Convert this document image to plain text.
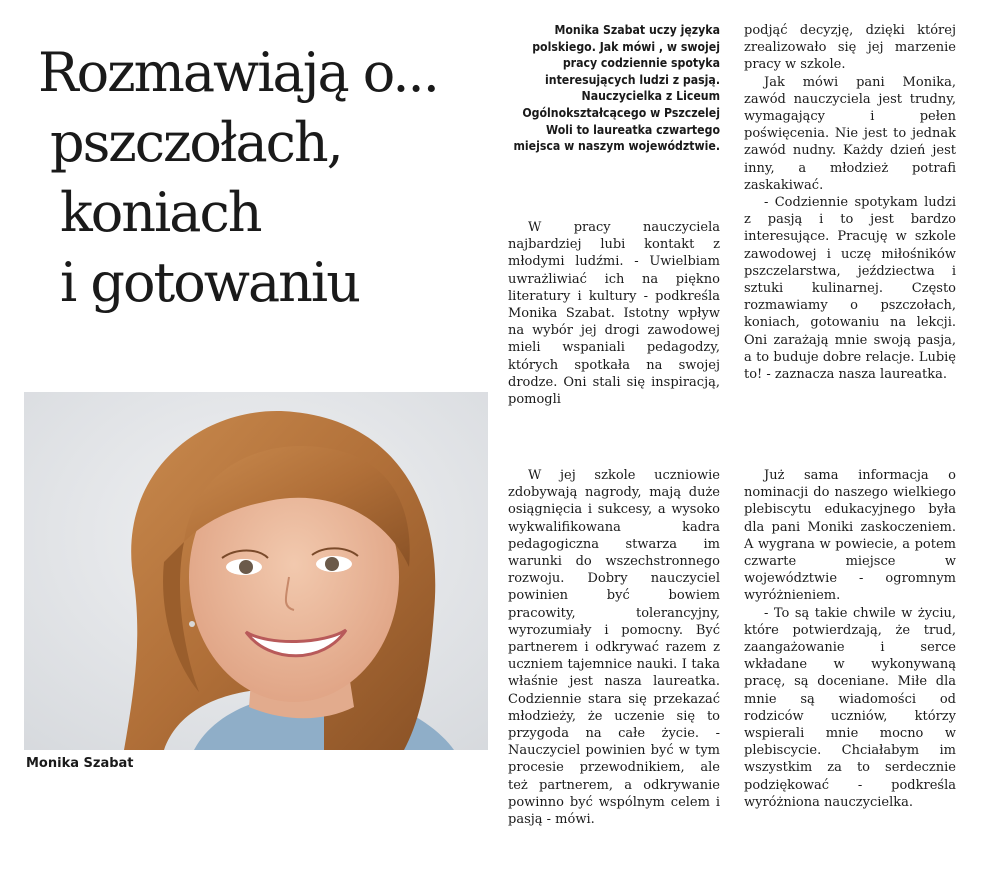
Rozmawiają o...
pszczołach,
koniach
i gotowaniu
Monika Szabat

Monika Szabat uczy języka polskiego. Jak mówi , w swojej pracy codziennie spotyka interesujących ludzi z pasją. Nauczycielka z Liceum Ogólnokształcącego w Pszczelej Woli to laureatka czwartego miejsca w naszym województwie.

W pracy nauczyciela najbardziej lubi kontakt z młodymi ludźmi. - Uwielbiam uwrażliwiać ich na piękno literatury i kultury - podkreśla Monika Szabat. Istotny wpływ na wybór jej drogi zawodowej mieli wspaniali pedagodzy, których spotkała na swojej drodze. Oni stali się inspiracją, pomogli

podjąć decyzję, dzięki której zrealizowało się jej marzenie pracy w szkole.

Jak mówi pani Monika, zawód nauczyciela jest trudny, wymagający i pełen poświęcenia. Nie jest to jednak zawód nudny. Każdy dzień jest inny, a młodzież potrafi zaskakiwać.

- Codziennie spotykam ludzi z pasją i to jest bardzo interesujące. Pracuję w szkole zawodowej i uczę miłośników pszczelarstwa, jeździectwa i sztuki kulinarnej. Często rozmawiamy o pszczołach, koniach, gotowaniu na lekcji. Oni zarażają mnie swoją pasja, a to buduje dobre relacje. Lubię to! - zaznacza nasza laureatka.

W jej szkole uczniowie zdobywają nagrody, mają duże osiągnięcia i sukcesy, a wysoko wykwalifikowana kadra pedagogiczna stwarza im warunki do wszechstronnego rozwoju. Dobry nauczyciel powinien być bowiem pracowity, tolerancyjny, wyrozumiały i pomocny. Być partnerem i odkrywać razem z uczniem tajemnice nauki. I taka właśnie jest nasza laureatka. Codziennie stara się przekazać młodzieży, że uczenie się to przygoda na całe życie. - Nauczyciel powinien być w tym procesie przewodnikiem, ale też partnerem, a odkrywanie powinno być wspólnym celem i pasją - mówi.

Już sama informacja o nominacji do naszego wielkiego plebiscytu edukacyjnego była dla pani Moniki zaskoczeniem. A wygrana w powiecie, a potem czwarte miejsce w województwie - ogromnym wyróżnieniem.

- To są takie chwile w życiu, które potwierdzają, że trud, zaangażowanie i serce wkładane w wykonywaną pracę, są doceniane. Miłe dla mnie są wiadomości od rodziców uczniów, którzy wspierali mnie mocno w plebiscycie. Chciałabym im wszystkim za to serdecznie podziękować - podkreśla wyróżniona nauczycielka.
